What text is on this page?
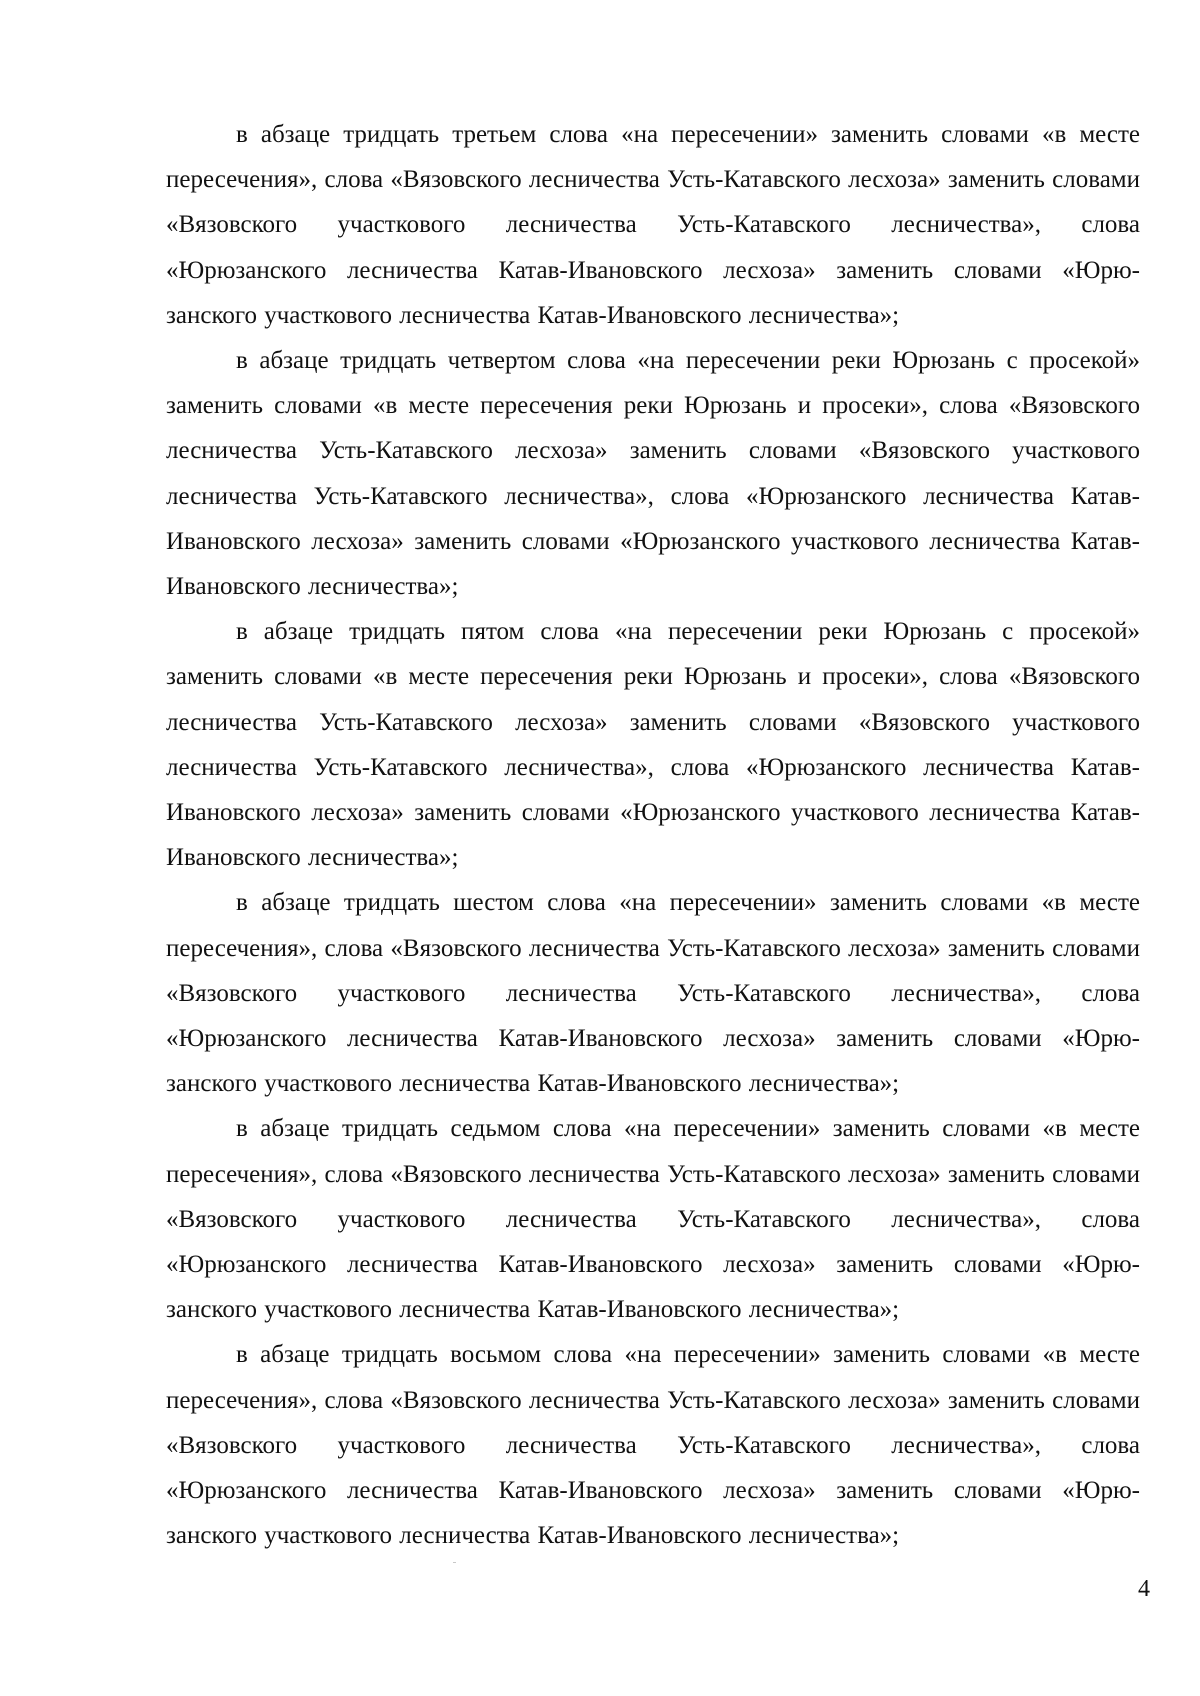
в абзаце тридцать третьем слова «на пересечении» заменить словами «в месте пересечения», слова «Вязовского лесничества Усть-Катавского лесхоза» заменить словами «Вязовского участкового лесничества Усть-Катавского лесничества», слова «Юрюзанского лесничества Катав-Ивановского лесхоза» заменить словами «Юрюзанского участкового лесничества Катав-Ивановского лесничества»;

в абзаце тридцать четвертом слова «на пересечении реки Юрюзань с просекой» заменить словами «в месте пересечения реки Юрюзань и просеки», слова «Вязовского лесничества Усть-Катавского лесхоза» заменить словами «Вязовского участкового лесничества Усть-Катавского лесничества», слова «Юрюзанского лесничества Катав-Ивановского лесхоза» заменить словами «Юрюзанского участкового лесничества Катав-Ивановского лесничества»;

в абзаце тридцать пятом слова «на пересечении реки Юрюзань с просекой» заменить словами «в месте пересечения реки Юрюзань и просеки», слова «Вязовского лесничества Усть-Катавского лесхоза» заменить словами «Вязовского участкового лесничества Усть-Катавского лесничества», слова «Юрюзанского лесничества Катав-Ивановского лесхоза» заменить словами «Юрюзанского участкового лесничества Катав-Ивановского лесничества»;

в абзаце тридцать шестом слова «на пересечении» заменить словами «в месте пересечения», слова «Вязовского лесничества Усть-Катавского лесхоза» заменить словами «Вязовского участкового лесничества Усть-Катавского лесничества», слова «Юрюзанского лесничества Катав-Ивановского лесхоза» заменить словами «Юрюзанского участкового лесничества Катав-Ивановского лесничества»;

в абзаце тридцать седьмом слова «на пересечении» заменить словами «в месте пересечения», слова «Вязовского лесничества Усть-Катавского лесхоза» заменить словами «Вязовского участкового лесничества Усть-Катавского лесничества», слова «Юрюзанского лесничества Катав-Ивановского лесхоза» заменить словами «Юрюзанского участкового лесничества Катав-Ивановского лесничества»;

в абзаце тридцать восьмом слова «на пересечении» заменить словами «в месте пересечения», слова «Вязовского лесничества Усть-Катавского лесхоза» заменить словами «Вязовского участкового лесничества Усть-Катавского лесничества», слова «Юрюзанского лесничества Катав-Ивановского лесхоза» заменить словами «Юрюзанского участкового лесничества Катав-Ивановского лесничества»;

4
